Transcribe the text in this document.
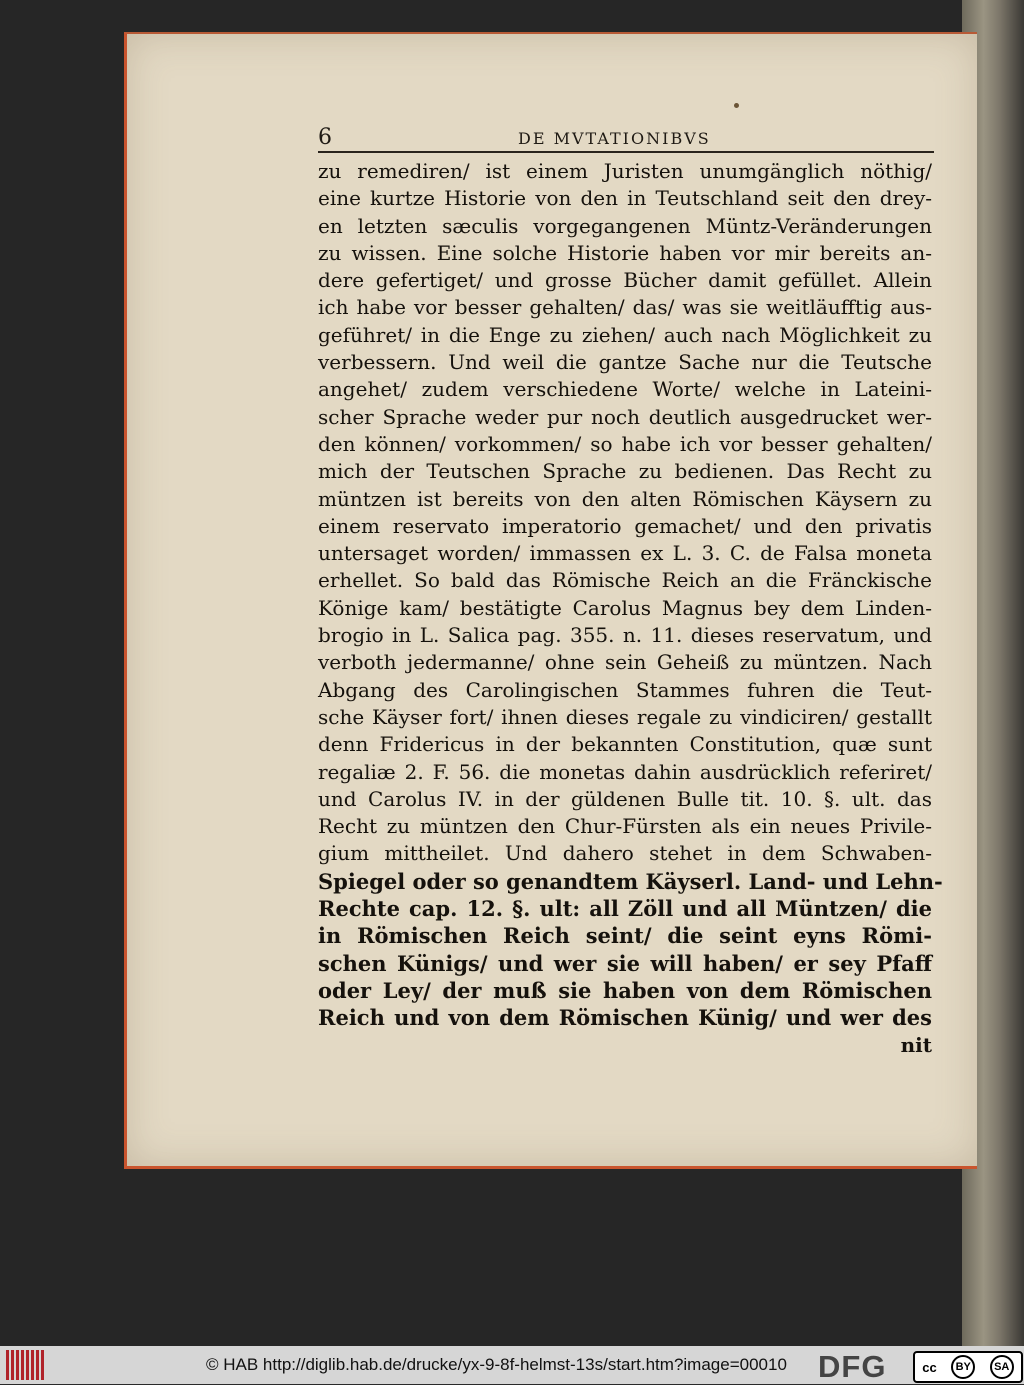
6	DE MVTATIONIBVS
zu remediren/ ist einem Juristen unumgänglich nöthig/
eine kurtze Historie von den in Teutschland seit den drey-
en letzten sæculis vorgegangenen Müntz-Veränderungen
zu wissen. Eine solche Historie haben vor mir bereits an-
dere gefertiget/ und grosse Bücher damit gefüllet. Allein
ich habe vor besser gehalten/ das/ was sie weitläufftig aus-
geführet/ in die Enge zu ziehen/ auch nach Möglichkeit zu
verbessern. Und weil die gantze Sache nur die Teutsche
angehet/ zudem verschiedene Worte/ welche in Lateini-
scher Sprache weder pur noch deutlich ausgedrucket wer-
den können/ vorkommen/ so habe ich vor besser gehalten/
mich der Teutschen Sprache zu bedienen. Das Recht zu
müntzen ist bereits von den alten Römischen Käysern zu
einem reservato imperatorio gemachet/ und den privatis
untersaget worden/ immassen ex L. 3. C. de Falsa moneta
erhellet. So bald das Römische Reich an die Fränckische
Könige kam/ bestätigte Carolus Magnus bey dem Linden-
brogio in L. Salica pag. 355. n. 11. dieses reservatum, und
verboth jedermanne/ ohne sein Geheiß zu müntzen. Nach
Abgang des Carolingischen Stammes fuhren die Teut-
sche Käyser fort/ ihnen dieses regale zu vindiciren/ gestallt
denn Fridericus in der bekannten Constitution, quæ sunt
regaliæ 2. F. 56. die monetas dahin ausdrücklich referiret/
und Carolus IV. in der güldenen Bulle tit. 10. §. ult. das
Recht zu müntzen den Chur-Fürsten als ein neues Privile-
gium mittheilet. Und dahero stehet in dem Schwaben-
Spiegel oder so genandtem Käyserl. Land- und Lehn-
Rechte cap. 12. §. ult: all Zöll und all Müntzen/ die
in Römischen Reich seint/ die seint eyns Römi-
schen Künigs/ und wer sie will haben/ er sey Pfaff
oder Ley/ der muß sie haben von dem Römischen
Reich und von dem Römischen Künig/ und wer des
nit
© HAB http://diglib.hab.de/drucke/yx-9-8f-helmst-13s/start.htm?image=00010 DFG	cc	BY	SA
